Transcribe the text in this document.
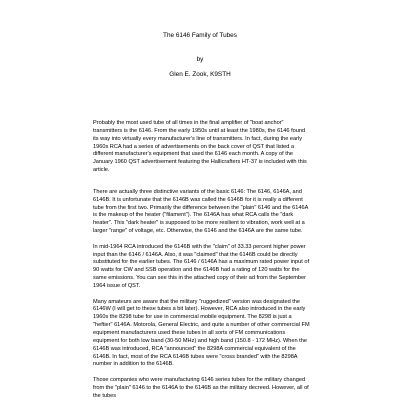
The 6146 Family of Tubes
by
Glen E. Zook, K9STH

Probably the most used tube of all times in the final amplifier of "boat anchor" transmitters is the 6146. From the early 1950s until at least the 1980s, the 6146 found its way into virtually every manufacturer's line of transmitters. In fact, during the early 1960s RCA had a series of advertisements on the back cover of QST that listed a different manufacturer's equipment that used the 6146 each month. A copy of the January 1960 QST advertisement featuring the Hallicrafters HT-37 is included with this article.

There are actually three distinctive variants of the basic 6146: The 6146, 6146A, and 6146B. It is unfortunate that the 6146B was called the 6146B for it is really a different tube from the first two. Primarily the difference between the "plain" 6146 and the 6146A is the makeup of the heater ("filament"). The 6146A has what RCA calls the "dark heater". This "dark heater" is supposed to be more resilient to vibration, work well at a larger "range" of voltage, etc. Otherwise, the 6146 and the 6146A are the same tube.

In mid-1964 RCA introduced the 6146B with the "claim" of 33.33 percent higher power input than the 6146 / 6146A. Also, it was "claimed" that the 6146B could be directly substituted for the earlier tubes. The 6146 / 6146A has a maximum rated power input of 90 watts for CW and SSB operation and the 6146B had a rating of 120 watts for the same emissions. You can see this in the attached copy of their ad from the September 1964 issue of QST.

Many amateurs are aware that the military "ruggedized" version was designated the 6146W (I will get to these tubes a bit later). However, RCA also introduced in the early 1960s the 8298 tube for use in commercial mobile equipment. The 8298 is just a "heftier" 6146A. Motorola, General Electric, and quite a number of other commercial FM equipment manufacturers used these tubes in all sorts of FM communications equipment for both low band (30-50 MHz) and high band (150.8 - 172 MHz). When the 6146B was introduced, RCA "announced" the 8298A commercial equivalent of the 6146B. In fact, most of the RCA 6146B tubes were "cross branded" with the 8298A number in addition to the 6146B.

Those companies who were manufacturing 6146 series tubes for the military changed from the "plain" 6146 to the 6146A to the 6146B as the military decreed. However, all of the tubes
